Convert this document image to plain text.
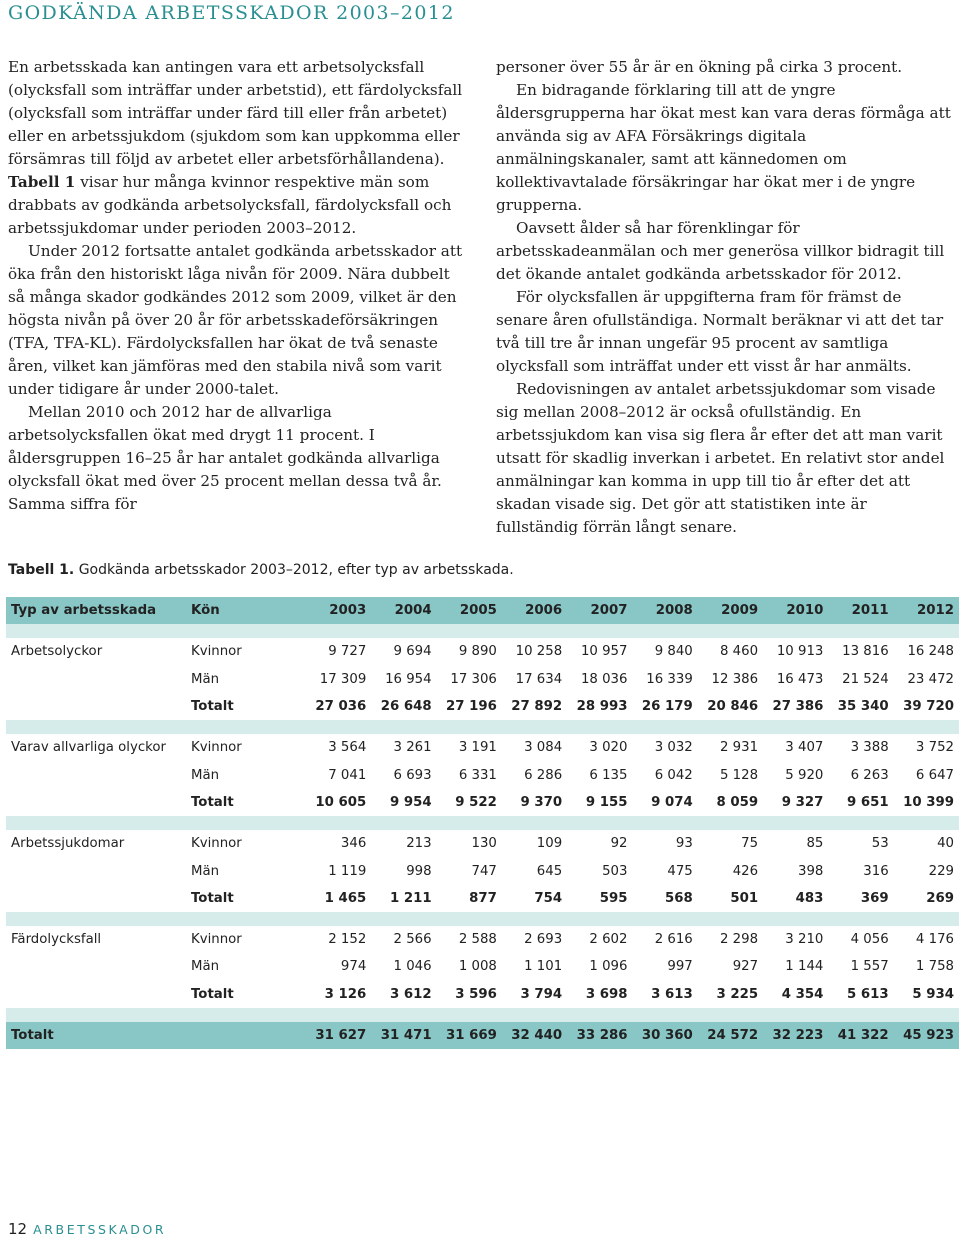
GODKÄNDA ARBETSSKADOR 2003–2012

En arbetsskada kan antingen vara ett arbetsolycksfall (olycksfall som inträffar under arbetstid), ett färdolycksfall (olycksfall som inträffar under färd till eller från arbetet) eller en arbetssjukdom (sjukdom som kan uppkomma eller försämras till följd av arbetet eller arbetsförhållandena). Tabell 1 visar hur många kvinnor respektive män som drabbats av godkända arbetsolycksfall, färdolycksfall och arbetssjukdomar under perioden 2003–2012.

Under 2012 fortsatte antalet godkända arbetsskador att öka från den historiskt låga nivån för 2009. Nära dubbelt så många skador godkändes 2012 som 2009, vilket är den högsta nivån på över 20 år för arbetsskadeförsäkringen (TFA, TFA-KL). Färdolycksfallen har ökat de två senaste åren, vilket kan jämföras med den stabila nivå som varit under tidigare år under 2000-talet.

Mellan 2010 och 2012 har de allvarliga arbetsolycksfallen ökat med drygt 11 procent. I åldersgruppen 16–25 år har antalet godkända allvarliga olycksfall ökat med över 25 procent mellan dessa två år. Samma siffra för

personer över 55 år är en ökning på cirka 3 procent.

En bidragande förklaring till att de yngre åldersgrupperna har ökat mest kan vara deras förmåga att använda sig av AFA Försäkrings digitala anmälningskanaler, samt att kännedomen om kollektivavtalade försäkringar har ökat mer i de yngre grupperna.

Oavsett ålder så har förenklingar för arbetsskadeanmälan och mer generösa villkor bidragit till det ökande antalet godkända arbetsskador för 2012.

För olycksfallen är uppgifterna fram för främst de senare åren ofullständiga. Normalt beräknar vi att det tar två till tre år innan ungefär 95 procent av samtliga olycksfall som inträffat under ett visst år har anmälts.

Redovisningen av antalet arbetssjukdomar som visade sig mellan 2008–2012 är också ofullständig. En arbetssjukdom kan visa sig flera år efter det att man varit utsatt för skadlig inverkan i arbetet. En relativt stor andel anmälningar kan komma in upp till tio år efter det att skadan visade sig. Det gör att statistiken inte är fullständig förrän långt senare.

Tabell 1. Godkända arbetsskador 2003–2012, efter typ av arbetsskada.
Typ av arbetsskada	Kön	2003	2004	2005	2006	2007	2008	2009	2010	2011	2012

Arbetsolyckor	Kvinnor	9 727	9 694	9 890	10 258	10 957	9 840	8 460	10 913	13 816	16 248
	Män	17 309	16 954	17 306	17 634	18 036	16 339	12 386	16 473	21 524	23 472
	Totalt	27 036	26 648	27 196	27 892	28 993	26 179	20 846	27 386	35 340	39 720

Varav allvarliga olyckor	Kvinnor	3 564	3 261	3 191	3 084	3 020	3 032	2 931	3 407	3 388	3 752
	Män	7 041	6 693	6 331	6 286	6 135	6 042	5 128	5 920	6 263	6 647
	Totalt	10 605	9 954	9 522	9 370	9 155	9 074	8 059	9 327	9 651	10 399

Arbetssjukdomar	Kvinnor	346	213	130	109	92	93	75	85	53	40
	Män	1 119	998	747	645	503	475	426	398	316	229
	Totalt	1 465	1 211	877	754	595	568	501	483	369	269

Färdolycksfall	Kvinnor	2 152	2 566	2 588	2 693	2 602	2 616	2 298	3 210	4 056	4 176
	Män	974	1 046	1 008	1 101	1 096	997	927	1 144	1 557	1 758
	Totalt	3 126	3 612	3 596	3 794	3 698	3 613	3 225	4 354	5 613	5 934

Totalt		31 627	31 471	31 669	32 440	33 286	30 360	24 572	32 223	41 322	45 923
12 ARBETSSKADOR
